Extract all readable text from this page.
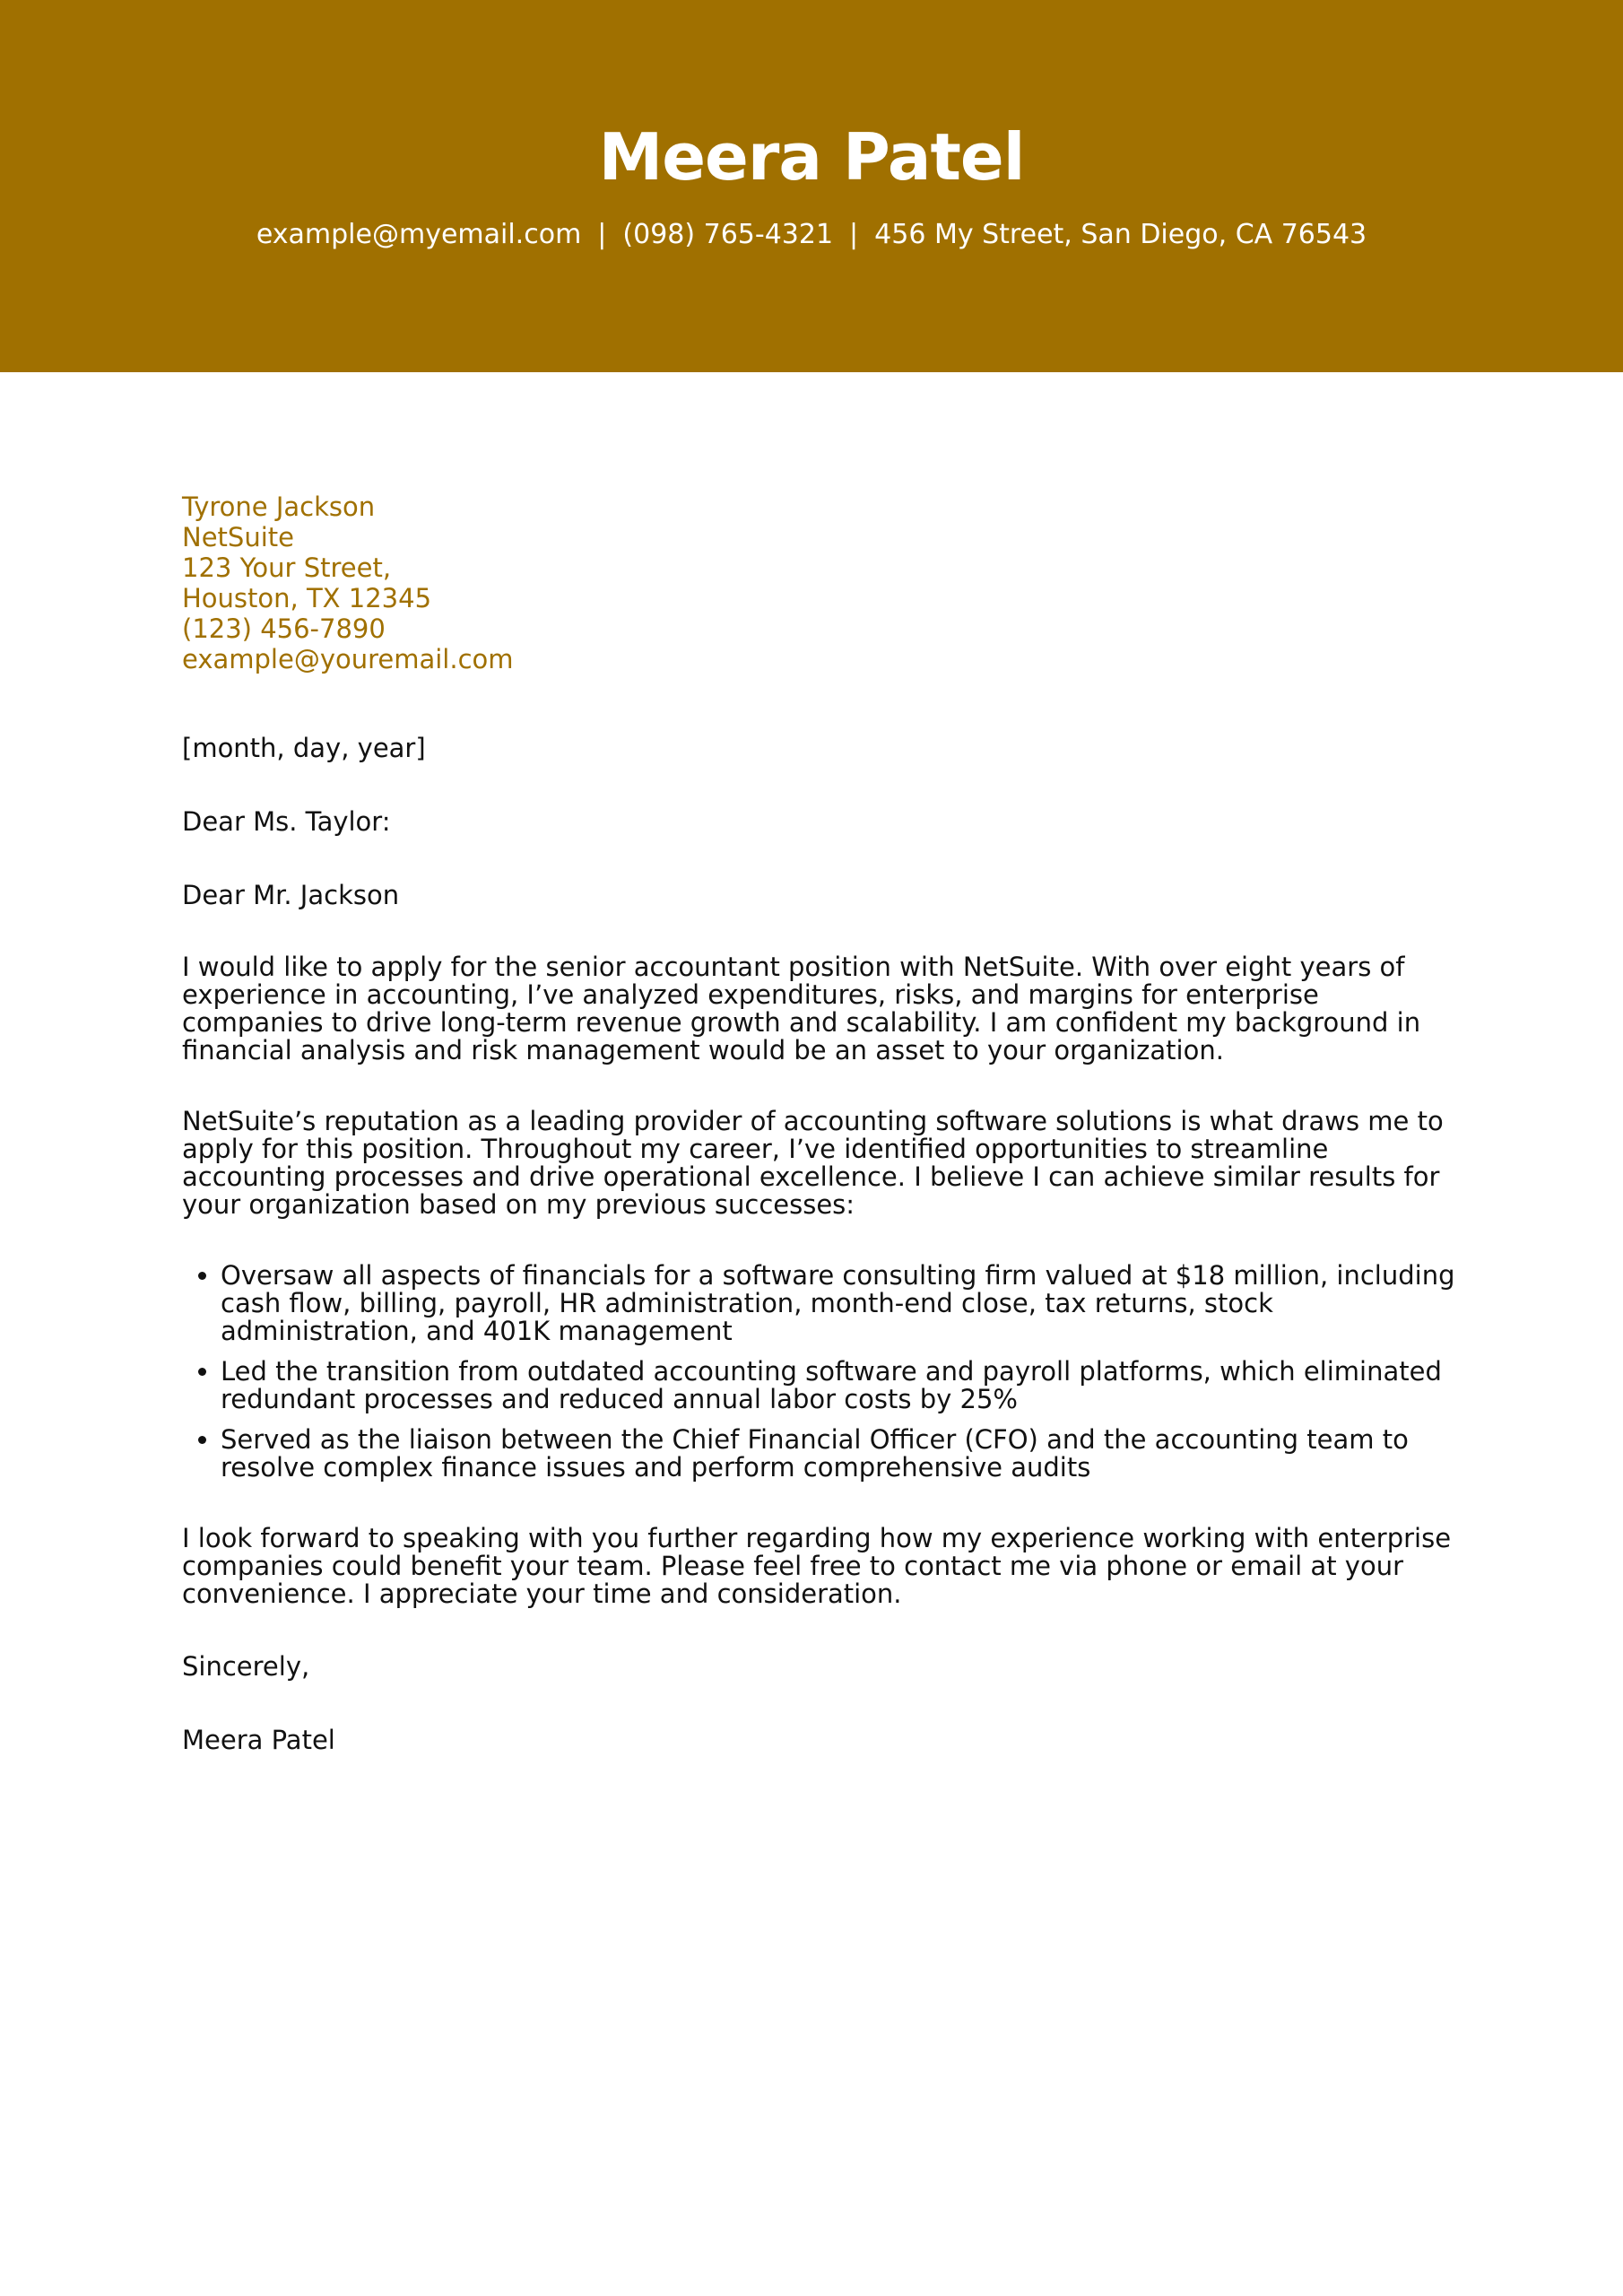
Meera Patel
example@myemail.com | (098) 765-4321 | 456 My Street, San Diego, CA 76543
Tyrone Jackson
NetSuite
123 Your Street,
Houston, TX 12345
(123) 456-7890
example@youremail.com
[month, day, year]
Dear Ms. Taylor:
Dear Mr. Jackson
I would like to apply for the senior accountant position with NetSuite. With over eight years of experience in accounting, I’ve analyzed expenditures, risks, and margins for enterprise companies to drive long-term revenue growth and scalability. I am confident my background in financial analysis and risk management would be an asset to your organization.
NetSuite’s reputation as a leading provider of accounting software solutions is what draws me to apply for this position. Throughout my career, I’ve identified opportunities to streamline accounting processes and drive operational excellence. I believe I can achieve similar results for your organization based on my previous successes:
• Oversaw all aspects of financials for a software consulting firm valued at $18 million, including cash flow, billing, payroll, HR administration, month-end close, tax returns, stock administration, and 401K management
• Led the transition from outdated accounting software and payroll platforms, which eliminated redundant processes and reduced annual labor costs by 25%
• Served as the liaison between the Chief Financial Officer (CFO) and the accounting team to resolve complex finance issues and perform comprehensive audits
I look forward to speaking with you further regarding how my experience working with enterprise companies could benefit your team. Please feel free to contact me via phone or email at your convenience. I appreciate your time and consideration.
Sincerely,
Meera Patel
